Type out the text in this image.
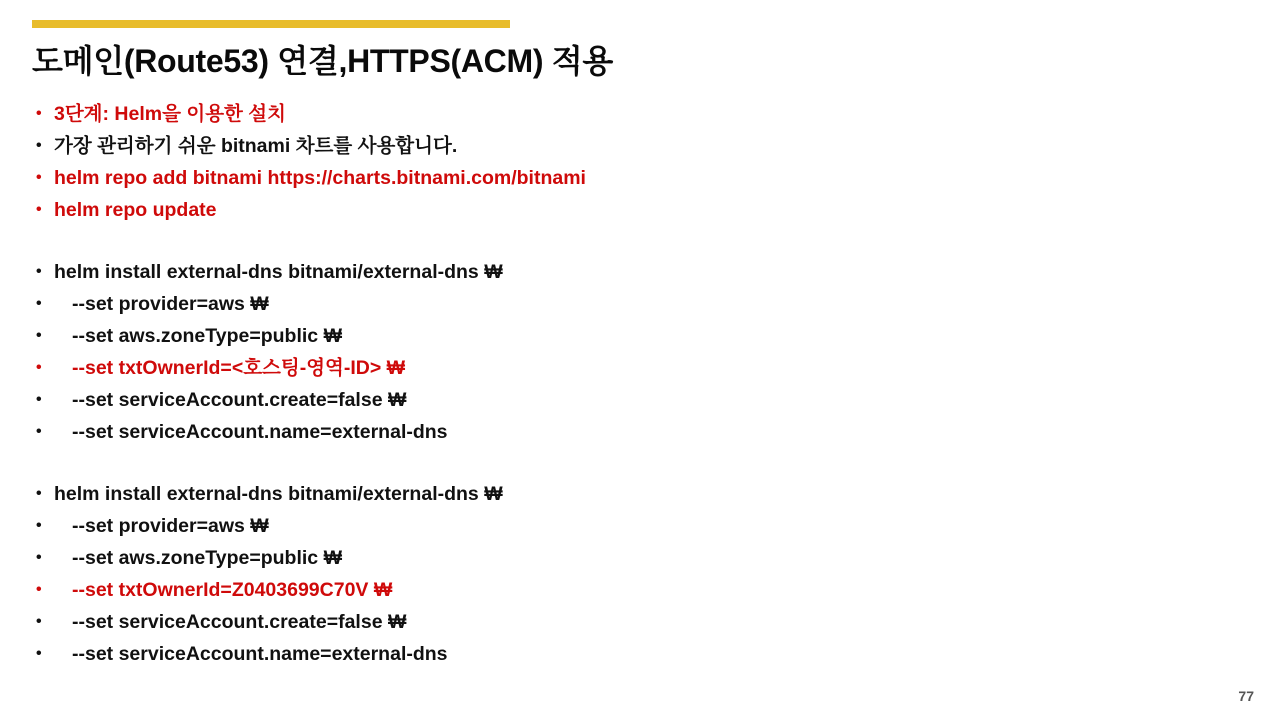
도메인(Route53) 연결,HTTPS(ACM) 적용
• 3단계: Helm을 이용한 설치
• 가장 관리하기 쉬운 bitnami 차트를 사용합니다.
• helm repo add bitnami https://charts.bitnami.com/bitnami
• helm repo update
• helm install external-dns bitnami/external-dns ₩
•	--set provider=aws ₩
•	--set aws.zoneType=public ₩
•	--set txtOwnerId=<호스팅-영역-ID> ₩
•	--set serviceAccount.create=false ₩
•	--set serviceAccount.name=external-dns
• helm install external-dns bitnami/external-dns ₩
•	--set provider=aws ₩
•	--set aws.zoneType=public ₩
•	--set txtOwnerId=Z0403699C70V ₩
•	--set serviceAccount.create=false ₩
•	--set serviceAccount.name=external-dns
77
